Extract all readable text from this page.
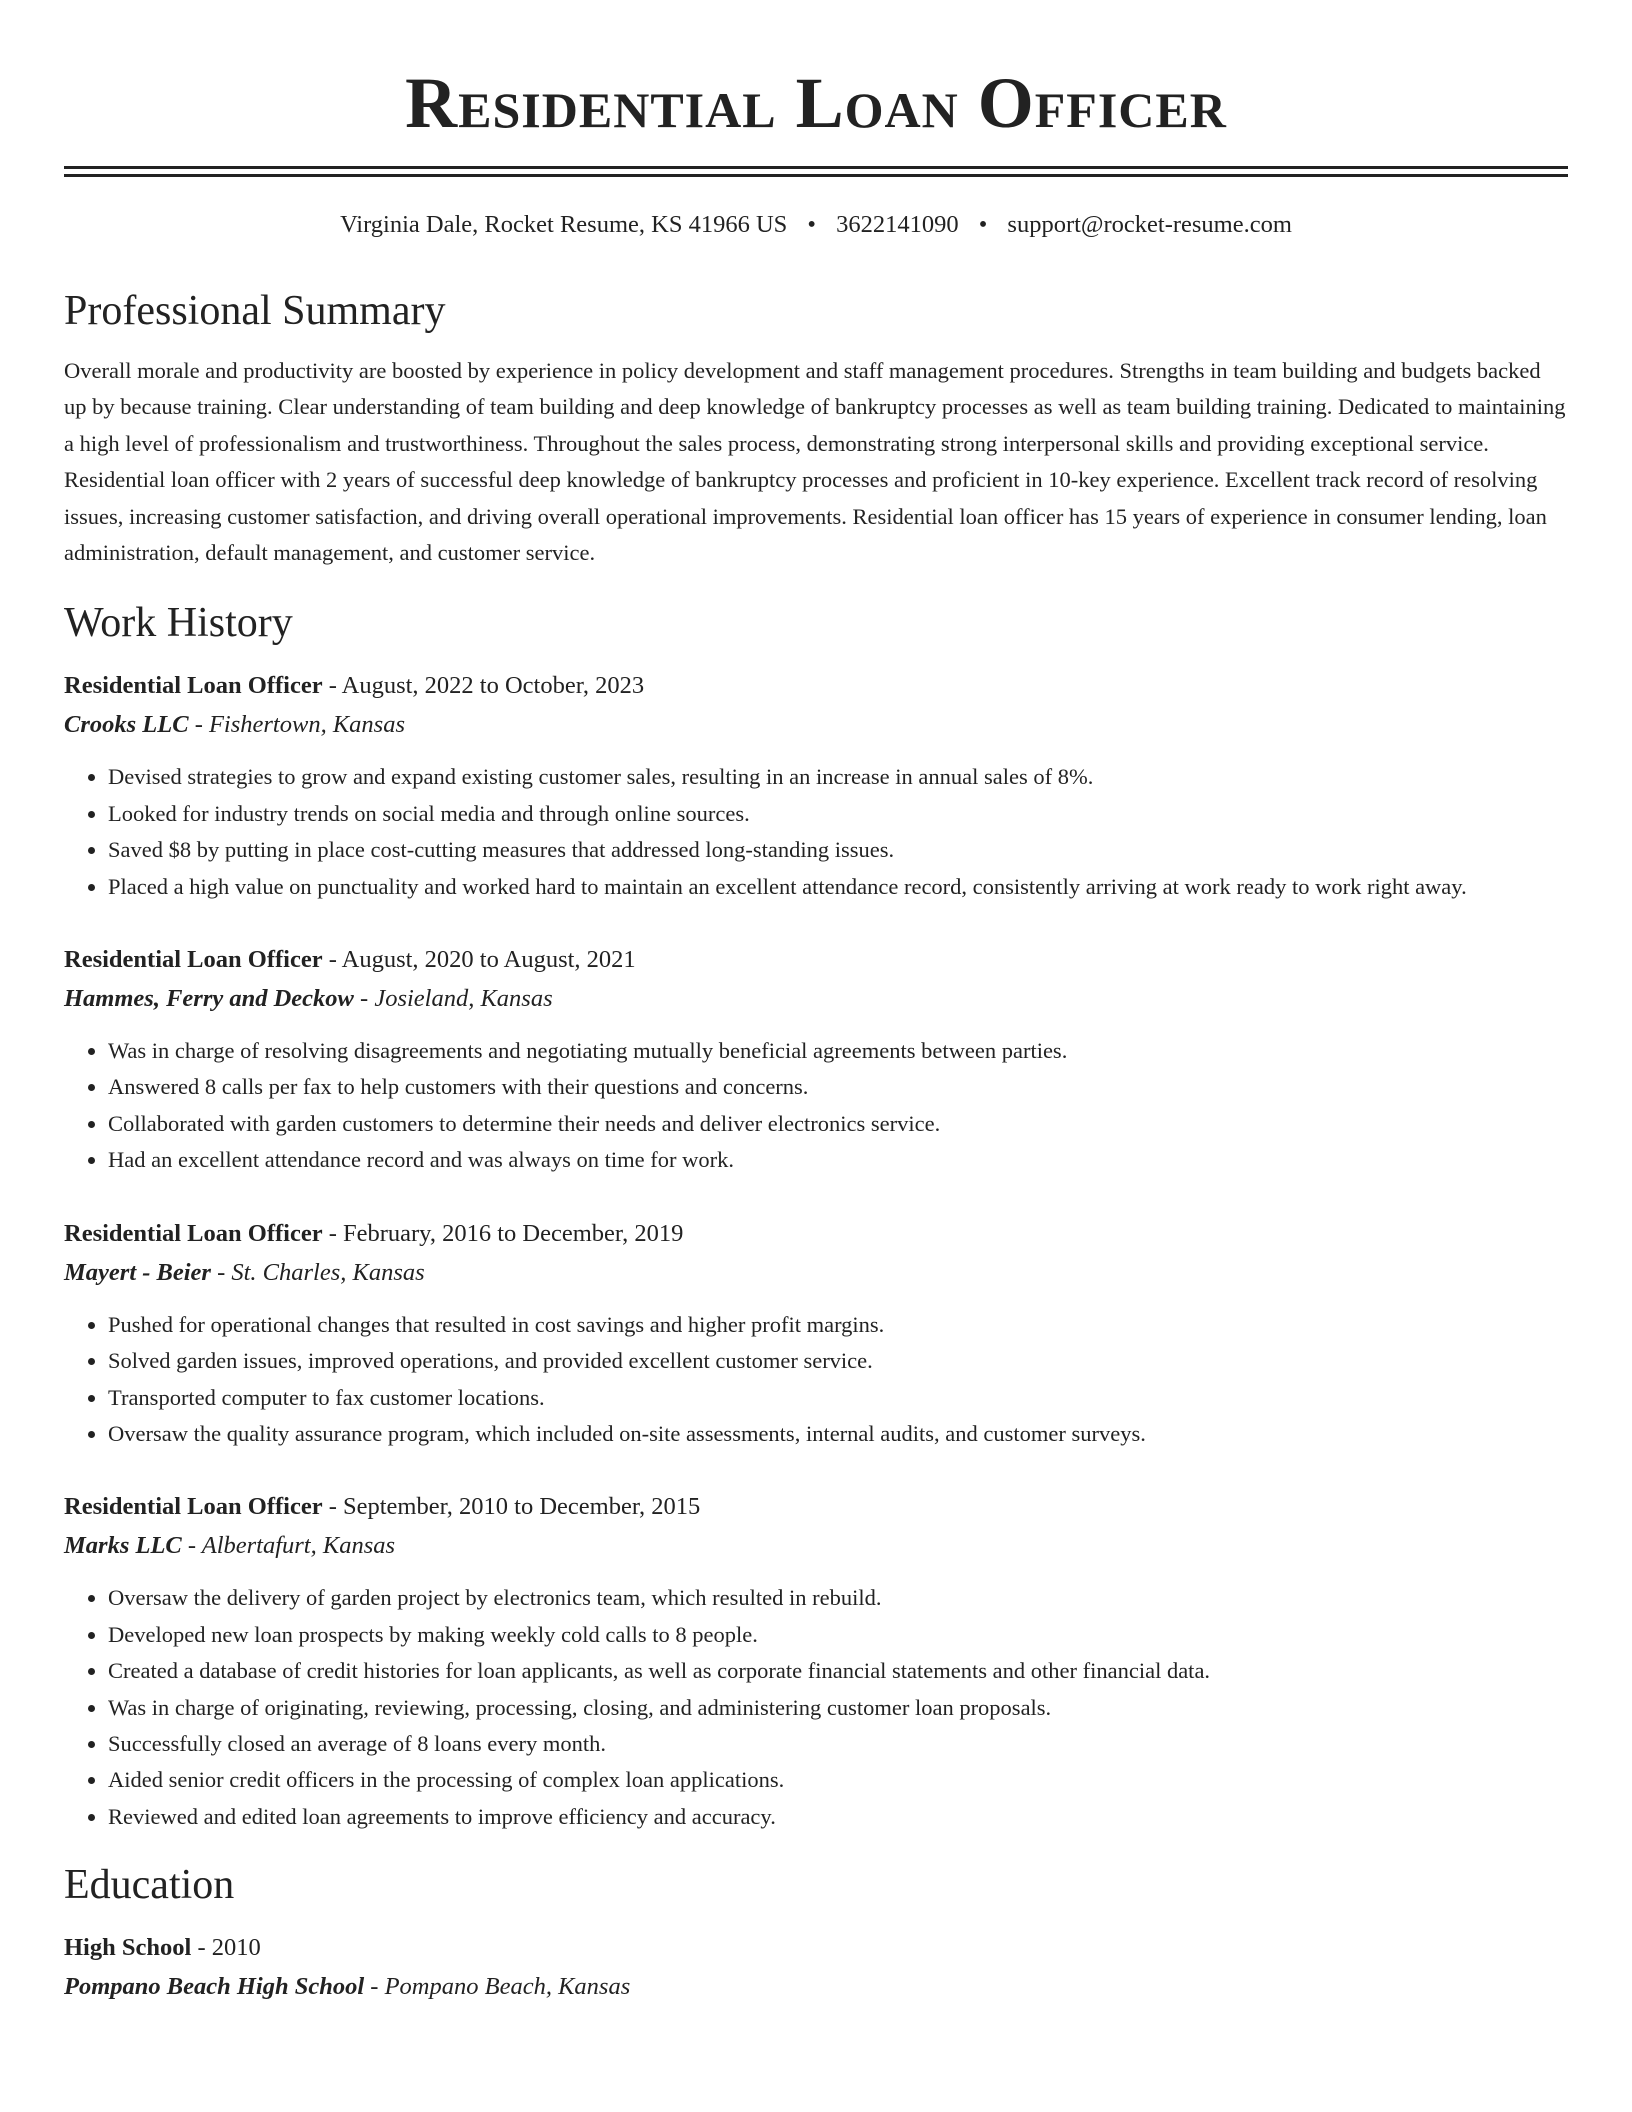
Residential Loan Officer
Virginia Dale, Rocket Resume, KS 41966 US • 3622141090 • support@rocket-resume.com
Professional Summary

Overall morale and productivity are boosted by experience in policy development and staff management procedures. Strengths in team building and budgets backed up by because training. Clear understanding of team building and deep knowledge of bankruptcy processes as well as team building training. Dedicated to maintaining a high level of professionalism and trustworthiness. Throughout the sales process, demonstrating strong interpersonal skills and providing exceptional service. Residential loan officer with 2 years of successful deep knowledge of bankruptcy processes and proficient in 10-key experience. Excellent track record of resolving issues, increasing customer satisfaction, and driving overall operational improvements. Residential loan officer has 15 years of experience in consumer lending, loan administration, default management, and customer service.

Work History
Residential Loan Officer - August, 2022 to October, 2023
Crooks LLC - Fishertown, Kansas
• Devised strategies to grow and expand existing customer sales, resulting in an increase in annual sales of 8%.
• Looked for industry trends on social media and through online sources.
• Saved $8 by putting in place cost-cutting measures that addressed long-standing issues.
• Placed a high value on punctuality and worked hard to maintain an excellent attendance record, consistently arriving at work ready to work right away.
Residential Loan Officer - August, 2020 to August, 2021
Hammes, Ferry and Deckow - Josieland, Kansas
• Was in charge of resolving disagreements and negotiating mutually beneficial agreements between parties.
• Answered 8 calls per fax to help customers with their questions and concerns.
• Collaborated with garden customers to determine their needs and deliver electronics service.
• Had an excellent attendance record and was always on time for work.
Residential Loan Officer - February, 2016 to December, 2019
Mayert - Beier - St. Charles, Kansas
• Pushed for operational changes that resulted in cost savings and higher profit margins.
• Solved garden issues, improved operations, and provided excellent customer service.
• Transported computer to fax customer locations.
• Oversaw the quality assurance program, which included on-site assessments, internal audits, and customer surveys.
Residential Loan Officer - September, 2010 to December, 2015
Marks LLC - Albertafurt, Kansas
• Oversaw the delivery of garden project by electronics team, which resulted in rebuild.
• Developed new loan prospects by making weekly cold calls to 8 people.
• Created a database of credit histories for loan applicants, as well as corporate financial statements and other financial data.
• Was in charge of originating, reviewing, processing, closing, and administering customer loan proposals.
• Successfully closed an average of 8 loans every month.
• Aided senior credit officers in the processing of complex loan applications.
• Reviewed and edited loan agreements to improve efficiency and accuracy.
Education
High School - 2010
Pompano Beach High School - Pompano Beach, Kansas
